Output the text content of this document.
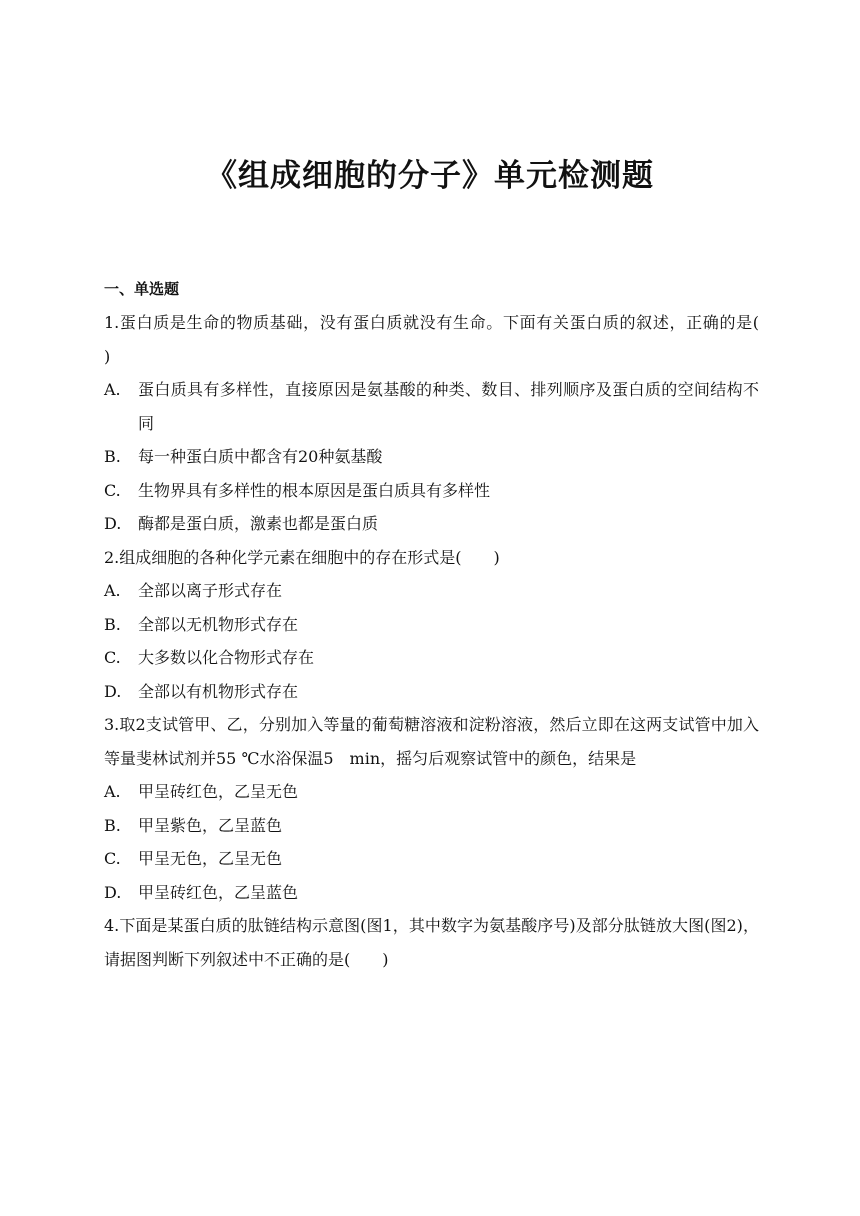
《组成细胞的分子》单元检测题
一、单选题
1.蛋白质是生命的物质基础，没有蛋白质就没有生命。下面有关蛋白质的叙述，正确的是(　　)
A.	蛋白质具有多样性，直接原因是氨基酸的种类、数目、排列顺序及蛋白质的空间结构不同
B.	每一种蛋白质中都含有20种氨基酸
C.	生物界具有多样性的根本原因是蛋白质具有多样性
D.	酶都是蛋白质，激素也都是蛋白质
2.组成细胞的各种化学元素在细胞中的存在形式是(　　)
A.	全部以离子形式存在
B.	全部以无机物形式存在
C.	大多数以化合物形式存在
D.	全部以有机物形式存在
3.取2支试管甲、乙，分别加入等量的葡萄糖溶液和淀粉溶液，然后立即在这两支试管中加入等量斐林试剂并55 ℃水浴保温5　min，摇匀后观察试管中的颜色，结果是
A.	甲呈砖红色，乙呈无色
B.	甲呈紫色，乙呈蓝色
C.	甲呈无色，乙呈无色
D.	甲呈砖红色，乙呈蓝色
4.下面是某蛋白质的肽链结构示意图(图1，其中数字为氨基酸序号)及部分肽链放大图(图2)，请据图判断下列叙述中不正确的是(　　)
